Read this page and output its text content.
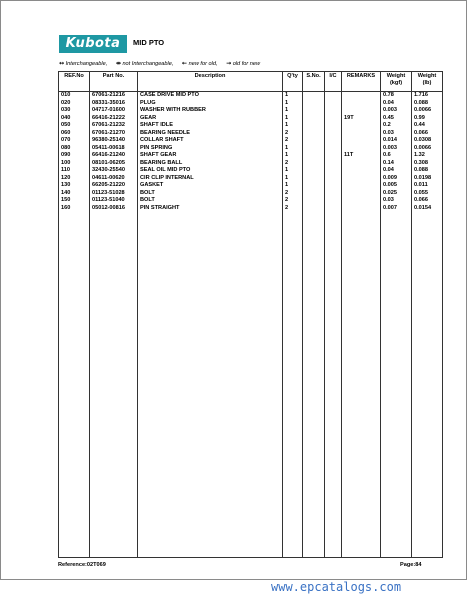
Kubota	MID PTO
↔ Interchangeable, ↮ not Interchangeable, ← new for old, → old for new
REF.No	Part No.	Description	Q'ty	S.No.	I/C	REMARKS	Weight (kgf)	Weight (lb)
010	67061-21216	CASE DRIVE MID PTO	1				0.78	1.716
020	08331-35016	PLUG	1				0.04	0.088
030	04717-01600	WASHER WITH RUBBER	1				0.003	0.0066
040	66416-21222	GEAR	1			19T	0.45	0.99
050	67061-21232	SHAFT IDLE	1				0.2	0.44
060	67061-21270	BEARING NEEDLE	2				0.03	0.066
070	96380-25140	COLLAR SHAFT	2				0.014	0.0308
080	05411-00618	PIN SPRING	1				0.003	0.0066
090	66416-21240	SHAFT GEAR	1			11T	0.6	1.32
100	08101-06205	BEARING BALL	2				0.14	0.308
110	32430-25540	SEAL OIL MID PTO	1				0.04	0.088
120	04611-00620	CIR CLIP INTERNAL	1				0.009	0.0198
130	66205-21220	GASKET	1				0.005	0.011
140	01123-51028	BOLT	2				0.025	0.055
150	01123-51040	BOLT	2				0.03	0.066
160	05012-00816	PIN STRAIGHT	2				0.007	0.0154

Reference:02T069	Page:84
www.epcatalogs.com
